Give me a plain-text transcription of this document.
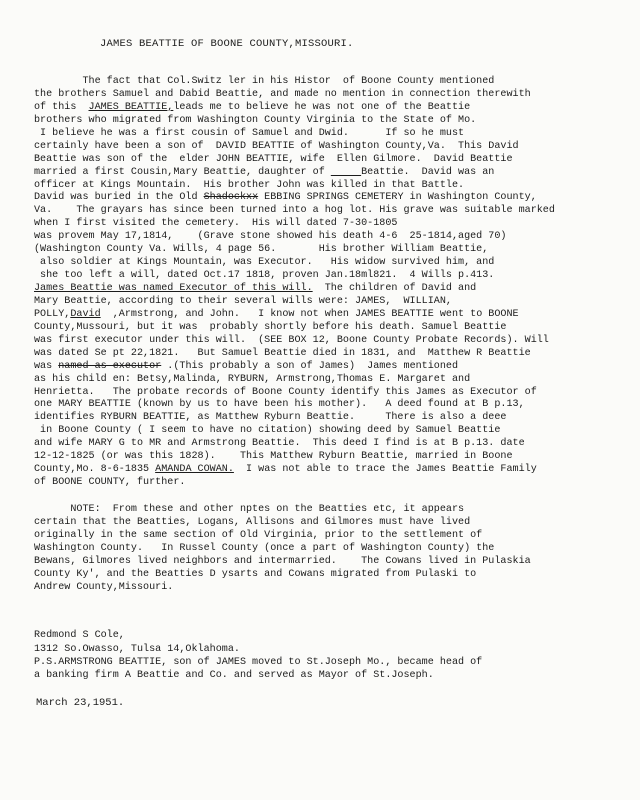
JAMES BEATTIE OF BOONE COUNTY,MISSOURI.
The fact that Col.Switz ler in his Histor  of Boone County mentioned
the brothers Samuel and Dabid Beattie, and made no mention in connection therewith
of this  JAMES BEATTIE,leads me to believe he was not one of the Beattie
brothers who migrated from Washington County Virginia to the State of Mo.
I believe he was a first cousin of Samuel and Dwid.      If so he must
certainly have been a son of  DAVID BEATTIE of Washington County,Va.  This David
Beattie was son of the  elder JOHN BEATTIE, wife  Ellen Gilmore.  David Beattie
married a first Cousin,Mary Beattie, daughter of	Beattie.  David was an
officer at Kings Mountain.  His brother John was killed in that Battle.
David was buried in the Old Shadockxx EBBING SPRINGS CEMETERY in Washington County,
Va.    The grayars has since been turned into a hog lot. His grave was suitable marked
when I first visited the cemetery.  His will dated 7-30-1805
was provem May 17,1814,    (Grave stone showed his death 4-6  25-1814,aged 70)
(Washington County Va. Wills, 4 page 56.       His brother William Beattie,
also soldier at Kings Mountain, was Executor.   His widow survived him, and
she too left a will, dated Oct.17 1818, proven Jan.18ml821.  4 Wills p.413.
James Beattie was named Executor of this will.  The children of David and
Mary Beattie, according to their several wills were: JAMES,  WILLIAN,
POLLY,David  ,Armstrong, and John.   I know not when JAMES BEATTIE went to BOONE
County,Mussouri, but it was  probably shortly before his death. Samuel Beattie
was first executor under this will.  (SEE BOX 12, Boone County Probate Records). Will
was dated Se pt 22,1821.   But Samuel Beattie died in 1831, and  Matthew R Beattie
was named as executor .(This probably a son of James)  James mentioned
as his child en: Betsy,Malinda, RYBURN, Armstrong,Thomas E. Margaret and
Henrietta.   The probate records of Boone County identify this James as Executor of
one MARY BEATTIE (known by us to have been his mother).   A deed found at B p.13,
identifies RYBURN BEATTIE, as Matthew Ryburn Beattie.     There is also a deee
in Boone County ( I seem to have no citation) showing deed by Samuel Beattie
and wife MARY G to MR and Armstrong Beattie.  This deed I find is at B p.13. date
12-12-1825 (or was this 1828).    This Matthew Ryburn Beattie, married in Boone
County,Mo. 8-6-1835 AMANDA COWAN.  I was not able to trace the James Beattie Family
of BOONE COUNTY, further.
NOTE:  From these and other nptes on the Beatties etc, it appears
certain that the Beatties, Logans, Allisons and Gilmores must have lived
originally in the same section of Old Virginia, prior to the settlement of
Washington County.   In Russel County (once a part of Washington County) the
Bewans, Gilmores lived neighbors and intermarried.    The Cowans lived in Pulaskia
County Ky', and the Beatties D ysarts and Cowans migrated from Pulaski to
Andrew County,Missouri.
Redmond S Cole,
1312 So.Owasso, Tulsa 14,Oklahoma.
P.S.ARMSTRONG BEATTIE, son of JAMES moved to St.Joseph Mo., became head of
a banking firm A Beattie and Co. and served as Mayor of St.Joseph.
March 23,1951.
